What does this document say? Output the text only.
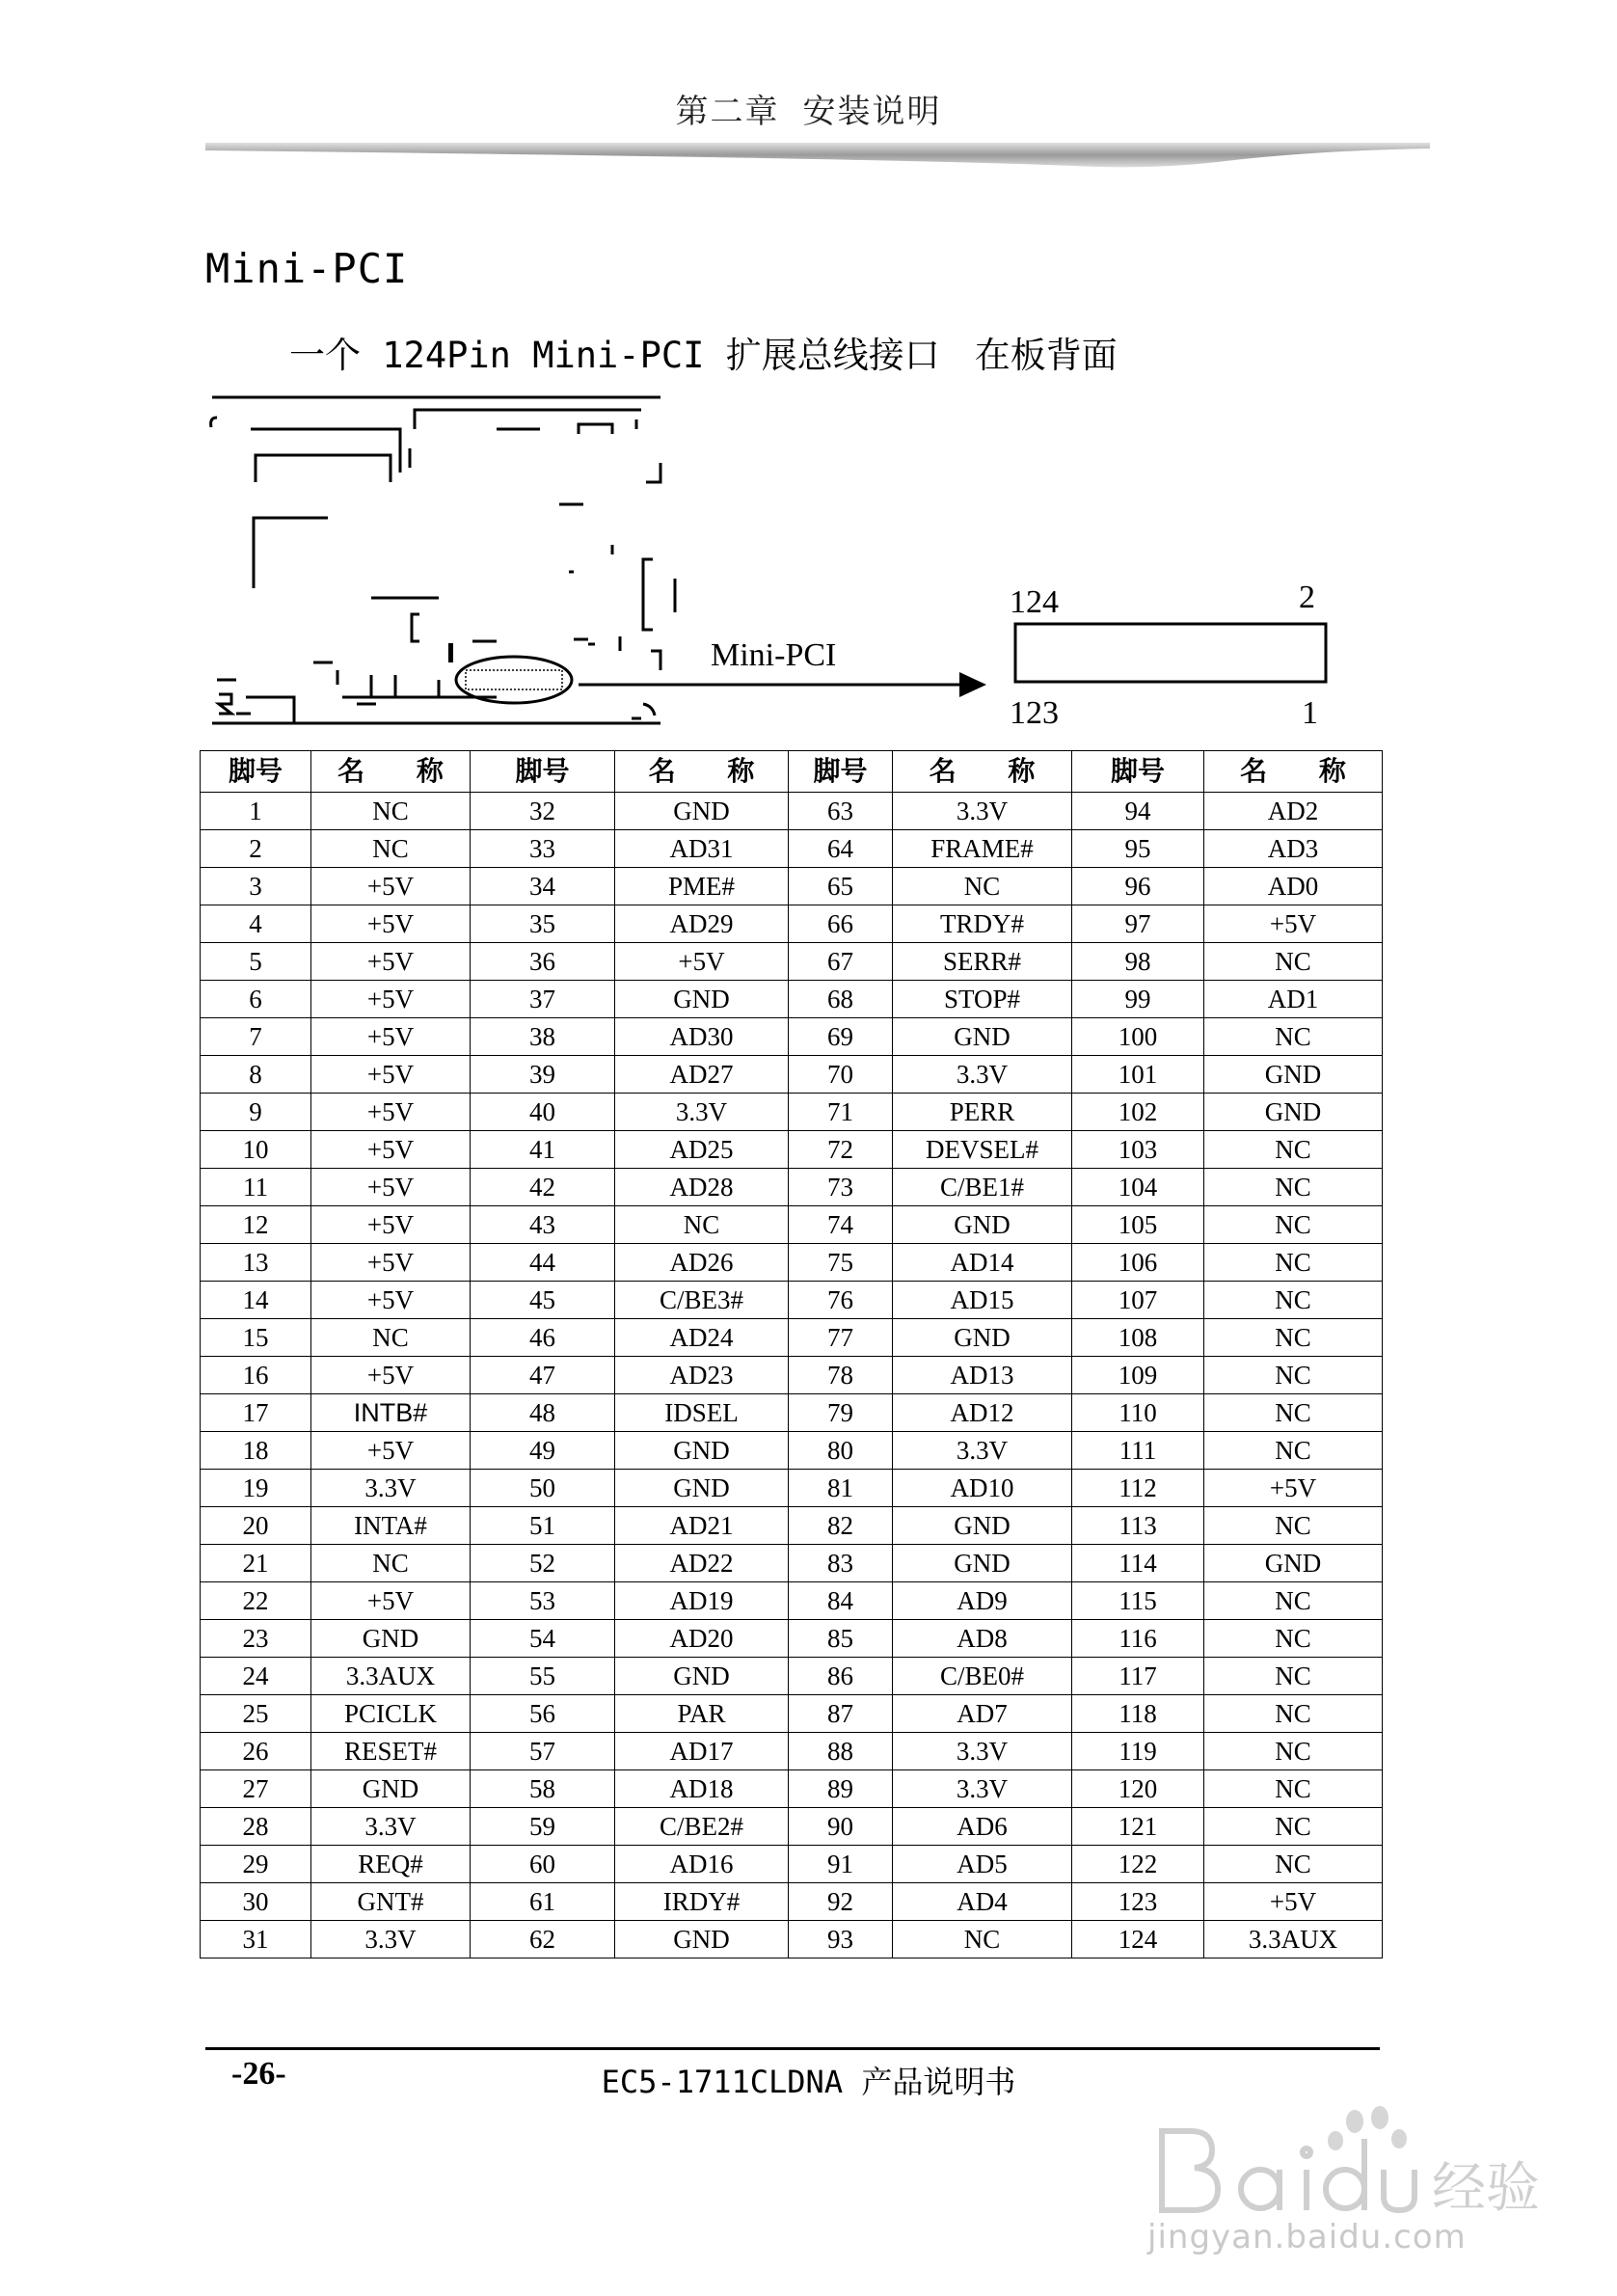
第二章 安装说明
Mini-PCI
一个 124Pin Mini-PCI 扩展总线接口 在板背面
Mini-PCI
124	2
123	1
脚号	名 称	脚号	名 称	脚号	名 称	脚号	名 称
1	NC	32	GND	63	3.3V	94	AD2
2	NC	33	AD31	64	FRAME#	95	AD3
3	+5V	34	PME#	65	NC	96	AD0
4	+5V	35	AD29	66	TRDY#	97	+5V
5	+5V	36	+5V	67	SERR#	98	NC
6	+5V	37	GND	68	STOP#	99	AD1
7	+5V	38	AD30	69	GND	100	NC
8	+5V	39	AD27	70	3.3V	101	GND
9	+5V	40	3.3V	71	PERR	102	GND
10	+5V	41	AD25	72	DEVSEL#	103	NC
11	+5V	42	AD28	73	C/BE1#	104	NC
12	+5V	43	NC	74	GND	105	NC
13	+5V	44	AD26	75	AD14	106	NC
14	+5V	45	C/BE3#	76	AD15	107	NC
15	NC	46	AD24	77	GND	108	NC
16	+5V	47	AD23	78	AD13	109	NC
17	INTB#	48	IDSEL	79	AD12	110	NC
18	+5V	49	GND	80	3.3V	111	NC
19	3.3V	50	GND	81	AD10	112	+5V
20	INTA#	51	AD21	82	GND	113	NC
21	NC	52	AD22	83	GND	114	GND
22	+5V	53	AD19	84	AD9	115	NC
23	GND	54	AD20	85	AD8	116	NC
24	3.3AUX	55	GND	86	C/BE0#	117	NC
25	PCICLK	56	PAR	87	AD7	118	NC
26	RESET#	57	AD17	88	3.3V	119	NC
27	GND	58	AD18	89	3.3V	120	NC
28	3.3V	59	C/BE2#	90	AD6	121	NC
29	REQ#	60	AD16	91	AD5	122	NC
30	GNT#	61	IRDY#	92	AD4	123	+5V
31	3.3V	62	GND	93	NC	124	3.3AUX
-26-	EC5-1711CLDNA 产品说明书
经验
jingyan.baidu.com
